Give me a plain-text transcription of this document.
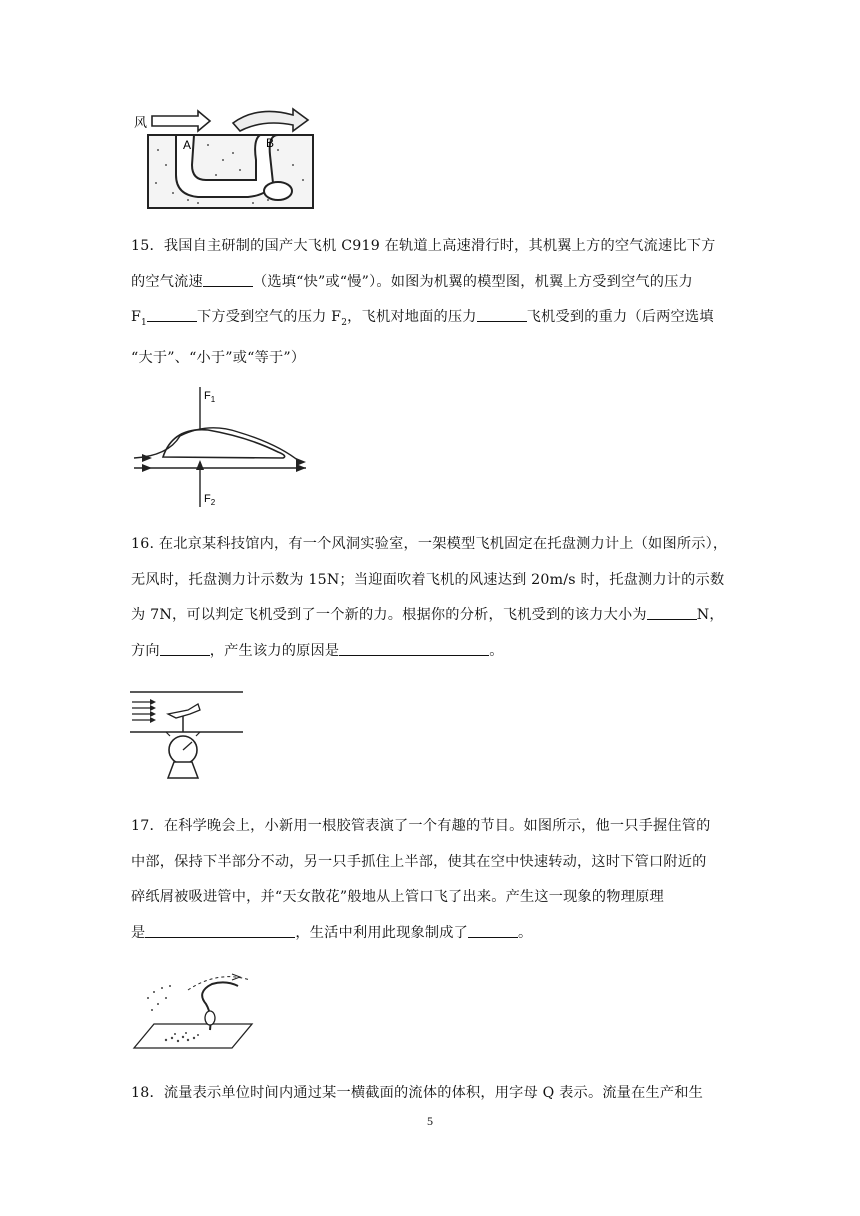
风
A	B
15．我国自主研制的国产大飞机 C919 在轨道上高速滑行时，其机翼上方的空气流速比下方
的空气流速	（选填“快”或“慢”）。如图为机翼的模型图，机翼上方受到空气的压力
$F_1$	下方受到空气的压力 $F_2$，飞机对地面的压力	飞机受到的重力（后两空选填
“大于”、“小于”或“等于”）
$F_1$
$F_2$
16. 在北京某科技馆内，有一个风洞实验室，一架模型飞机固定在托盘测力计上（如图所示），
无风时，托盘测力计示数为 15N；当迎面吹着飞机的风速达到 20m/s 时，托盘测力计的示数
为 7N，可以判定飞机受到了一个新的力。根据你的分析，飞机受到的该力大小为	N，
方向	，产生该力的原因是	。
17．在科学晚会上，小新用一根胶管表演了一个有趣的节目。如图所示，他一只手握住管的
中部，保持下半部分不动，另一只手抓住上半部，使其在空中快速转动，这时下管口附近的
碎纸屑被吸进管中，并“天女散花”般地从上管口飞了出来。产生这一现象的物理原理
是	，生活中利用此现象制成了	。
18．流量表示单位时间内通过某一横截面的流体的体积，用字母 Q 表示。流量在生产和生
5
